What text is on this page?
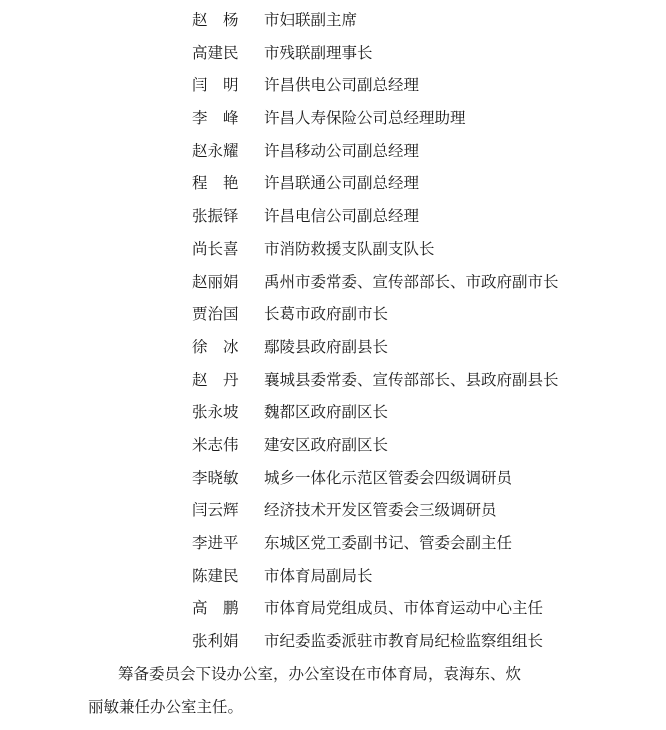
赵　杨	市妇联副主席
高建民	市残联副理事长
闫　明	许昌供电公司副总经理
李　峰	许昌人寿保险公司总经理助理
赵永耀	许昌移动公司副总经理
程　艳	许昌联通公司副总经理
张振铎	许昌电信公司副总经理
尚长喜	市消防救援支队副支队长
赵丽娟	禹州市委常委、宣传部部长、市政府副市长
贾治国	长葛市政府副市长
徐　冰	鄢陵县政府副县长
赵　丹	襄城县委常委、宣传部部长、县政府副县长
张永坡	魏都区政府副区长
米志伟	建安区政府副区长
李晓敏	城乡一体化示范区管委会四级调研员
闫云辉	经济技术开发区管委会三级调研员
李进平	东城区党工委副书记、管委会副主任
陈建民	市体育局副局长
高　鹏	市体育局党组成员、市体育运动中心主任
张利娟	市纪委监委派驻市教育局纪检监察组组长
筹备委员会下设办公室，办公室设在市体育局，袁海东、炊
丽敏兼任办公室主任。
